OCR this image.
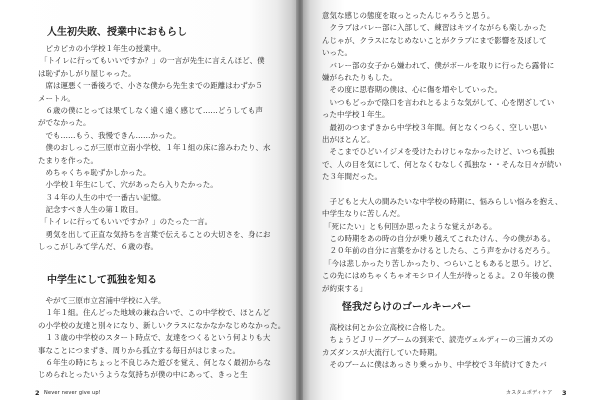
人生初失敗、授業中におもらし
ピカピカの小学校１年生の授業中。
「トイレに行ってもいいですか？」の一言が先生に言えんほど、僕
は恥ずかしがり屋じゃった。
席は運悪く一番後ろで、小さな僕から先生までの距離はわずか５
メートル。
６歳の僕にとっては果てしなく遠く遠く感じて……どうしても声
がでなかった。
でも……もう、我慢できん……かった。
僕のおしっこが三原市立南小学校、１年１組の床に滲みわたり、水
たまりを作った。
めちゃくちゃ恥ずかしかった。
小学校１年生にして、穴があったら入りたかった。
３４年の人生の中で一番古い記憶。
記念すべき人生の第１敗目。
「トイレに行ってもいいですか？」のたった一言。
勇気を出して正直な気持ちを言葉で伝えることの大切さを、身にお
しっこがしみて学んだ、６歳の春。
中学生にして孤独を知る
やがて三原市立宮浦中学校に入学。
１年１組。住んどった地域の兼ね合いで、この中学校で、ほとんど
の小学校の友達と別々になり、新しいクラスになかなかなじめなかった。
１３歳の中学校のスタート時点で、友達をつくるという何よりも大
事なことにつまずき、周りから孤立する毎日がはじまった。
６年生の時にちょっと不良じみた遊びを覚え、何となく最初からな
じめられとったいうような気持ちが僕の中にあって、きっと生
2 Never never give up!
意気な感じの態度を取っとったんじゃろうと思う。
クラブはバレー部に入部して、練習はキツイながらも楽しかった
んじゃが、クラスになじめないことがクラブにまで影響を及ぼして
いった。
バレー部の女子から嫌われて、僕がボールを取りに行ったら露骨に
嫌がられたりもした。
その度に思春期の僕は、心に傷を増やしていった。
いつもどっかで陰口を言われとるような気がして、心を閉ざしてい
った中学校１年生。
最初のつまずきから中学校３年間。何となくつらく、空しい思い
出がほとんど。
そこまでひどいイジメを受けたわけじゃなかったけど、いつも孤独
で、人の目を気にして、何となくむなしく孤独な・・そんな日々が続い
た３年間だった。
子どもと大人の間みたいな中学校の時期に、悩みらしい悩みを抱え、
中学生なりに苦しんだ。
「死にたい」とも何回か思ったような覚えがある。
この時期をあの時の自分が乗り越えてこれたけん、今の僕がある。
２０年前の自分に言葉をかけるとしたら、こう声をかけるだろう。
「今は悲しかったり苦しかったり、つらいこともあると思う。けど、
この先にはめちゃくちゃオモシロイ人生が待っとるよ。２０年後の僕
が約束する」
怪我だらけのゴールキーパー
高校は何とか公立高校に合格した。
ちょうどＪリーグブームの到来で、読売ヴェルディーの三浦カズの
カズダンスが大流行していた時期。
そのブームに僕はあっさり乗っかり、中学校で３年続けてきたバ
カスタムボディケア 3
